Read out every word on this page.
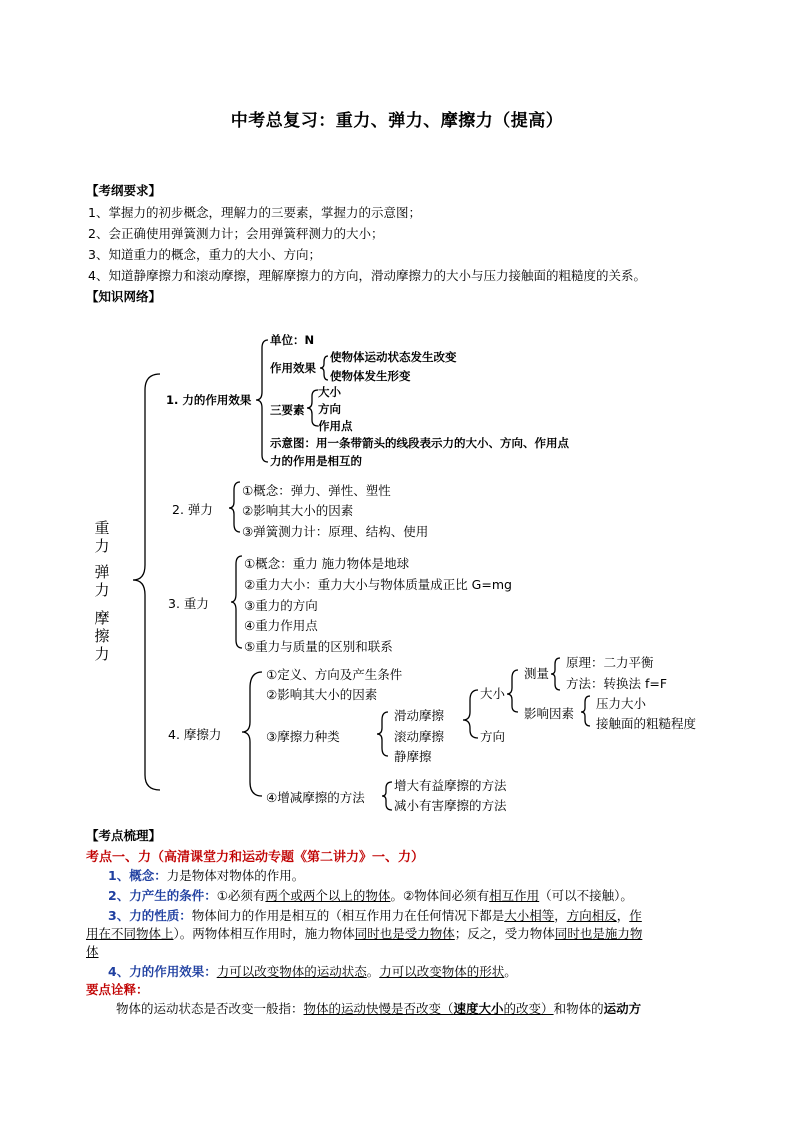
中考总复习：重力、弹力、摩擦力（提高）
【考纲要求】
1、掌握力的初步概念，理解力的三要素，掌握力的示意图；
2、会正确使用弹簧测力计；会用弹簧秤测力的大小；
3、知道重力的概念，重力的大小、方向；
4、知道静摩擦力和滚动摩擦，理解摩擦力的方向，滑动摩擦力的大小与压力接触面的粗糙度的关系。
【知识网络】
重
力
弹
力
摩
擦
力
1. 力的作用效果
单位：N
作用效果
使物体运动状态发生改变
使物体发生形变
三要素
大小
方向
作用点
示意图：用一条带箭头的线段表示力的大小、方向、作用点
力的作用是相互的
2. 弹力
①概念：弹力、弹性、塑性
②影响其大小的因素
③弹簧测力计：原理、结构、使用
3. 重力
①概念：重力 施力物体是地球
②重力大小：重力大小与物体质量成正比 G=mg
③重力的方向
④重力作用点
⑤重力与质量的区别和联系
4. 摩擦力
①定义、方向及产生条件
②影响其大小的因素
③摩擦力种类
④增减摩擦的方法
滑动摩擦
滚动摩擦
静摩擦
大小
方向
测量
原理：二力平衡
方法：转换法 f=F
影响因素
压力大小
接触面的粗糙程度
增大有益摩擦的方法
减小有害摩擦的方法
【考点梳理】
考点一、力（高清课堂力和运动专题《第二讲力》一、力）
1、概念：力是物体对物体的作用。
2、力产生的条件：①必须有两个或两个以上的物体。②物体间必须有相互作用（可以不接触）。
3、力的性质：物体间力的作用是相互的（相互作用力在任何情况下都是大小相等，方向相反，作
用在不同物体上）。两物体相互作用时，施力物体同时也是受力物体；反之，受力物体同时也是施力物
体
4、力的作用效果：力可以改变物体的运动状态。力可以改变物体的形状。
要点诠释：
物体的运动状态是否改变一般指：物体的运动快慢是否改变（速度大小的改变）和物体的运动方
